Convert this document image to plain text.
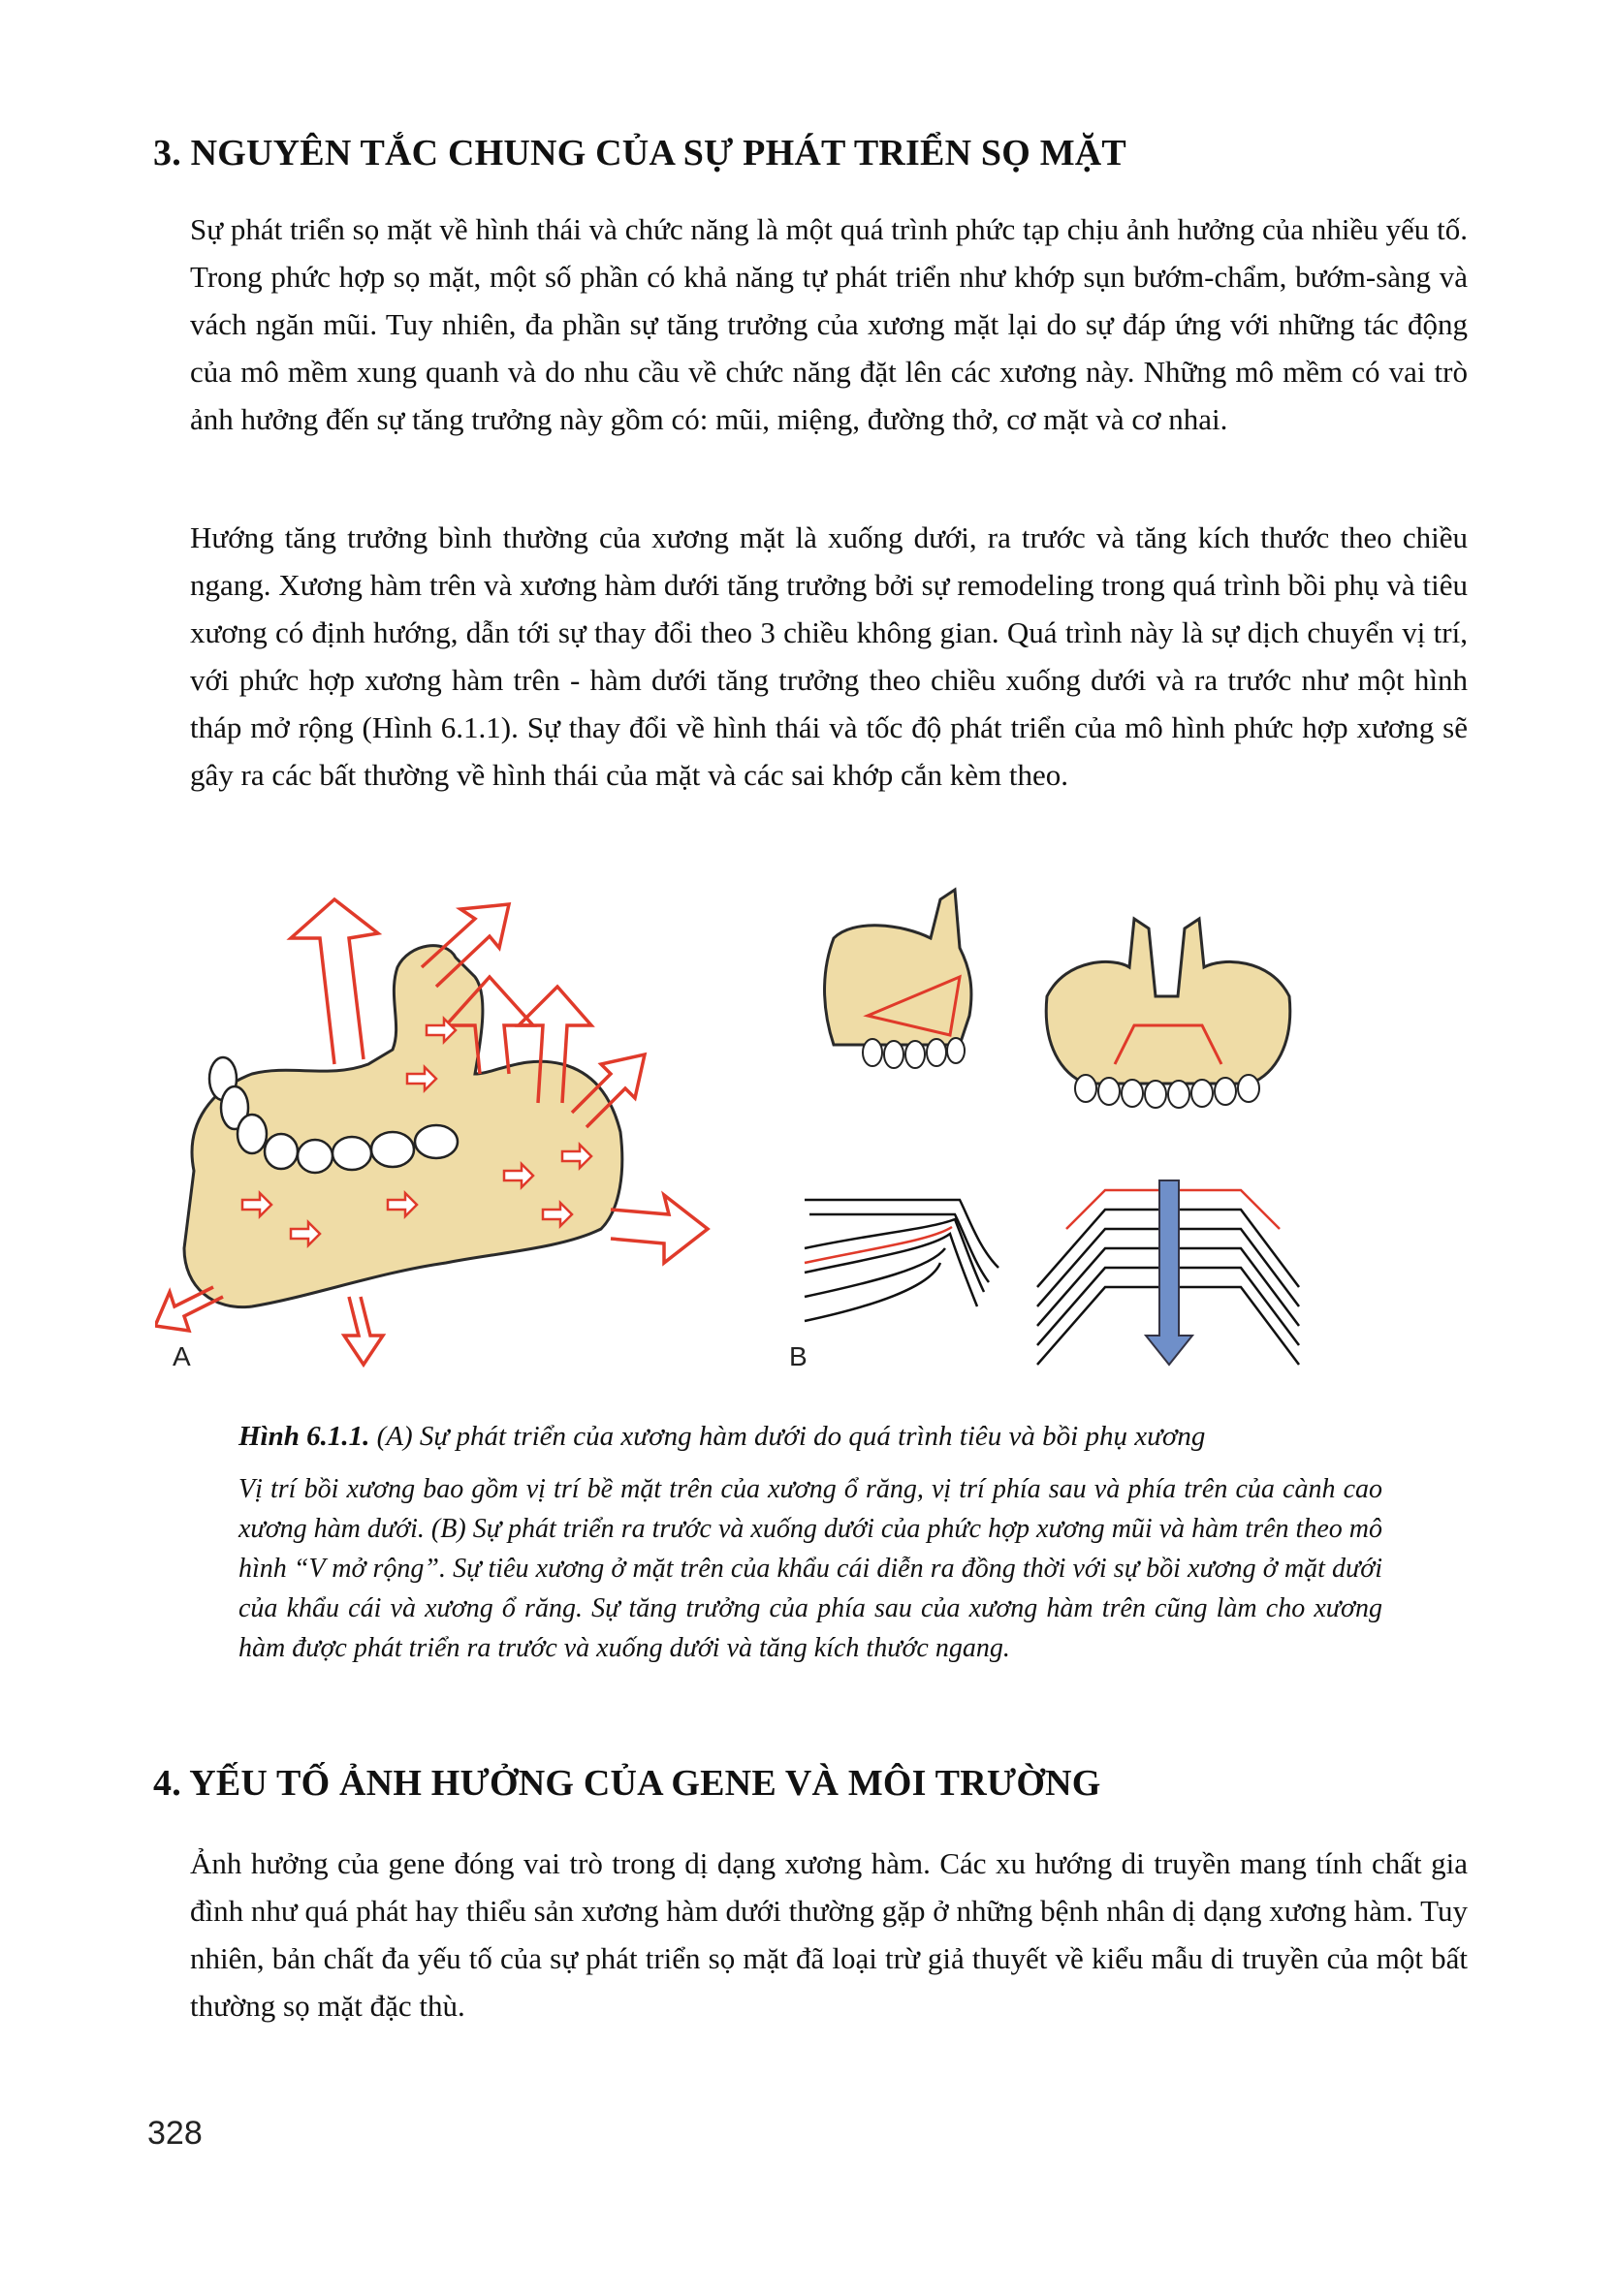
3. NGUYÊN TẮC CHUNG CỦA SỰ PHÁT TRIỂN SỌ MẶT

Sự phát triển sọ mặt về hình thái và chức năng là một quá trình phức tạp chịu ảnh hưởng của nhiều yếu tố. Trong phức hợp sọ mặt, một số phần có khả năng tự phát triển như khớp sụn bướm-chẩm, bướm-sàng và vách ngăn mũi. Tuy nhiên, đa phần sự tăng trưởng của xương mặt lại do sự đáp ứng với những tác động của mô mềm xung quanh và do nhu cầu về chức năng đặt lên các xương này. Những mô mềm có vai trò ảnh hưởng đến sự tăng trưởng này gồm có: mũi, miệng, đường thở, cơ mặt và cơ nhai.

Hướng tăng trưởng bình thường của xương mặt là xuống dưới, ra trước và tăng kích thước theo chiều ngang. Xương hàm trên và xương hàm dưới tăng trưởng bởi sự remodeling trong quá trình bồi phụ và tiêu xương có định hướng, dẫn tới sự thay đổi theo 3 chiều không gian. Quá trình này là sự dịch chuyển vị trí, với phức hợp xương hàm trên - hàm dưới tăng trưởng theo chiều xuống dưới và ra trước như một hình tháp mở rộng (Hình 6.1.1). Sự thay đổi về hình thái và tốc độ phát triển của mô hình phức hợp xương sẽ gây ra các bất thường về hình thái của mặt và các sai khớp cắn kèm theo.

A	B

Hình 6.1.1. (A) Sự phát triển của xương hàm dưới do quá trình tiêu và bồi phụ xương

Vị trí bồi xương bao gồm vị trí bề mặt trên của xương ổ răng, vị trí phía sau và phía trên của cành cao xương hàm dưới. (B) Sự phát triển ra trước và xuống dưới của phức hợp xương mũi và hàm trên theo mô hình “V mở rộng”. Sự tiêu xương ở mặt trên của khẩu cái diễn ra đồng thời với sự bồi xương ở mặt dưới của khẩu cái và xương ổ răng. Sự tăng trưởng của phía sau của xương hàm trên cũng làm cho xương hàm được phát triển ra trước và xuống dưới và tăng kích thước ngang.

4. YẾU TỐ ẢNH HƯỞNG CỦA GENE VÀ MÔI TRƯỜNG

Ảnh hưởng của gene đóng vai trò trong dị dạng xương hàm. Các xu hướng di truyền mang tính chất gia đình như quá phát hay thiểu sản xương hàm dưới thường gặp ở những bệnh nhân dị dạng xương hàm. Tuy nhiên, bản chất đa yếu tố của sự phát triển sọ mặt đã loại trừ giả thuyết về kiểu mẫu di truyền của một bất thường sọ mặt đặc thù.

328
